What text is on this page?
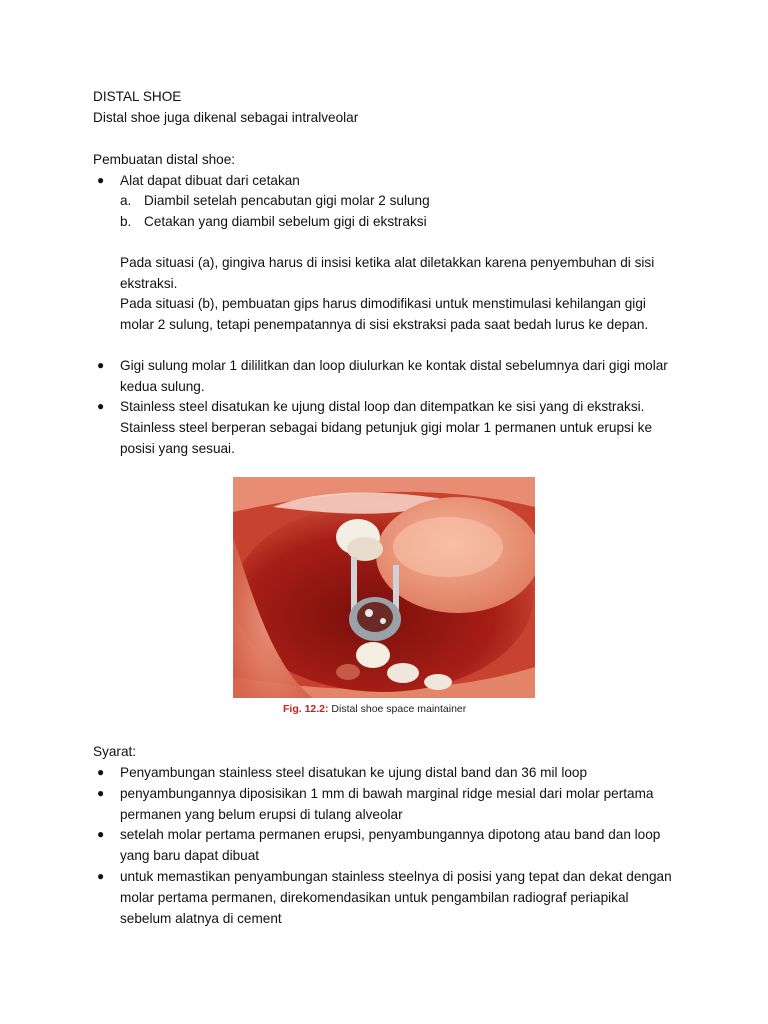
DISTAL SHOE
Distal shoe juga dikenal sebagai intralveolar
Pembuatan distal shoe:
● Alat dapat dibuat dari cetakan
a. Diambil setelah pencabutan gigi molar 2 sulung
b. Cetakan yang diambil sebelum gigi di ekstraksi
Pada situasi (a), gingiva harus di insisi ketika alat diletakkan karena penyembuhan di sisi ekstraksi.
Pada situasi (b), pembuatan gips harus dimodifikasi untuk menstimulasi kehilangan gigi molar 2 sulung, tetapi penempatannya di sisi ekstraksi pada saat bedah lurus ke depan.
● Gigi sulung molar 1 dililitkan dan loop diulurkan ke kontak distal sebelumnya dari gigi molar kedua sulung.
● Stainless steel disatukan ke ujung distal loop dan ditempatkan ke sisi yang di ekstraksi. Stainless steel berperan sebagai bidang petunjuk gigi molar 1 permanen untuk erupsi ke posisi yang sesuai.
Fig. 12.2: Distal shoe space maintainer
Syarat:
● Penyambungan stainless steel disatukan ke ujung distal band dan 36 mil loop
● penyambungannya diposisikan 1 mm di bawah marginal ridge mesial dari molar pertama permanen yang belum erupsi di tulang alveolar
● setelah molar pertama permanen erupsi, penyambungannya dipotong atau band dan loop yang baru dapat dibuat
● untuk memastikan penyambungan stainless steelnya di posisi yang tepat dan dekat dengan molar pertama permanen, direkomendasikan untuk pengambilan radiograf periapikal sebelum alatnya di cement
